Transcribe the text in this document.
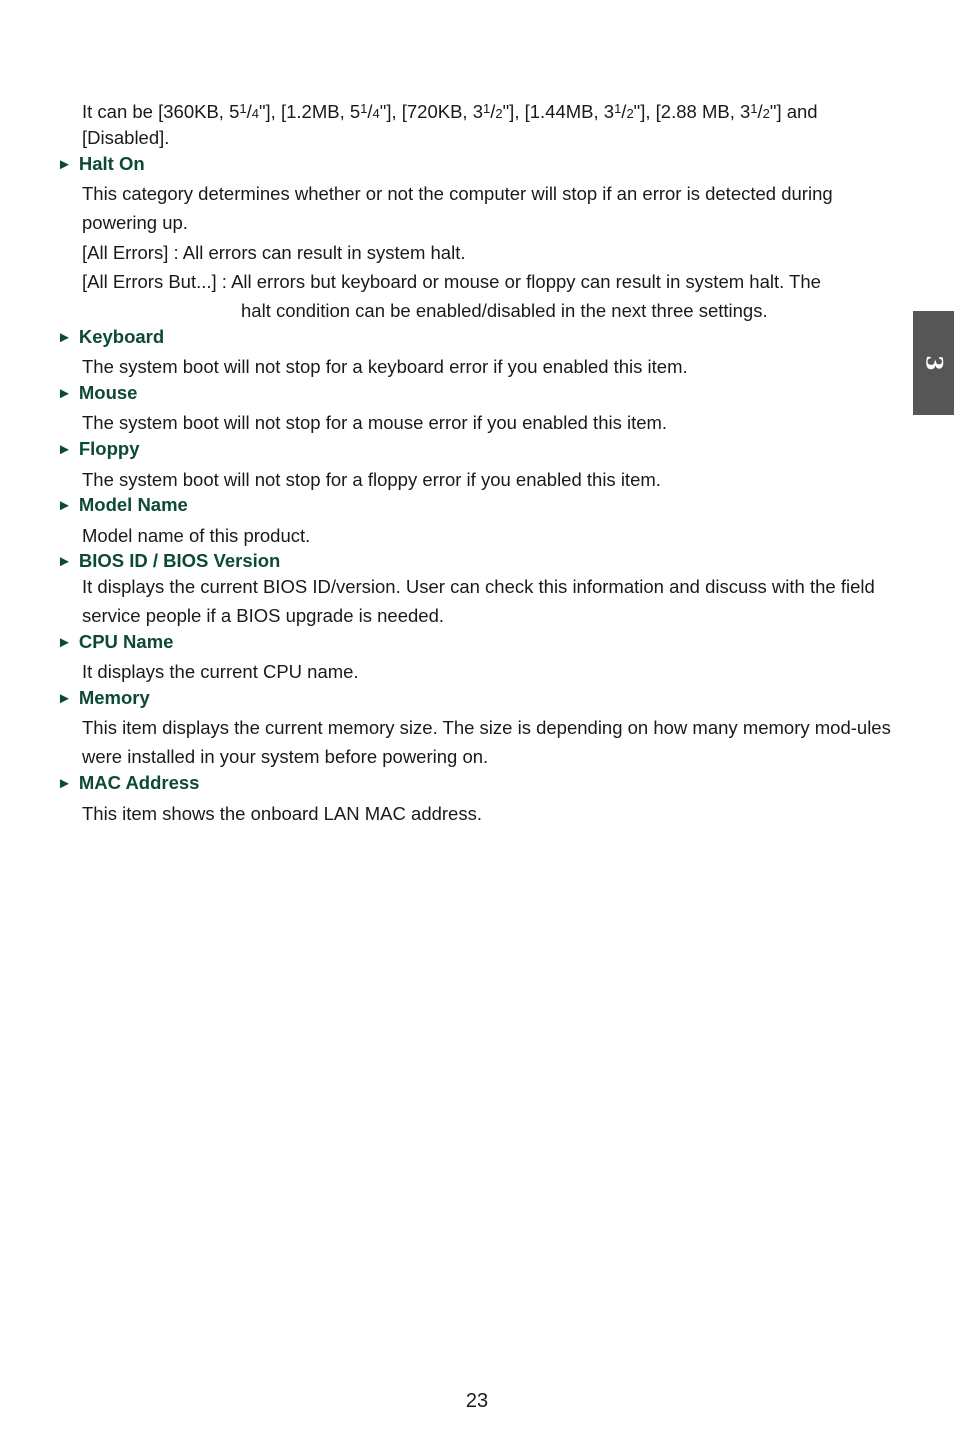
It can be [360KB, $5^1/4$"], [1.2MB, $5^1/4$"], [720KB, $3^1/2$"], [1.44MB, $3^1/2$"], [2.88 MB, $3^1/2$"] and

[Disabled].

► Halt On

This category determines whether or not the computer will stop if an error is detected during powering up.

[All Errors] : All errors can result in system halt.
[All Errors But...] : All errors but keyboard or mouse or floppy can result in system halt. The
halt condition can be enabled/disabled in the next three settings.
► Keyboard

The system boot will not stop for a keyboard error if you enabled this item.

► Mouse

The system boot will not stop for a mouse error if you enabled this item.

► Floppy

The system boot will not stop for a floppy error if you enabled this item.

► Model Name

Model name of this product.

► BIOS ID / BIOS Version

It displays the current BIOS ID/version. User can check this information and discuss with the field service people if a BIOS upgrade is needed.

► CPU Name

It displays the current CPU name.

► Memory

This item displays the current memory size. The size is depending on how many memory mod-ules were installed in your system before powering on.

► MAC Address

This item shows the onboard LAN MAC address.

3
23
